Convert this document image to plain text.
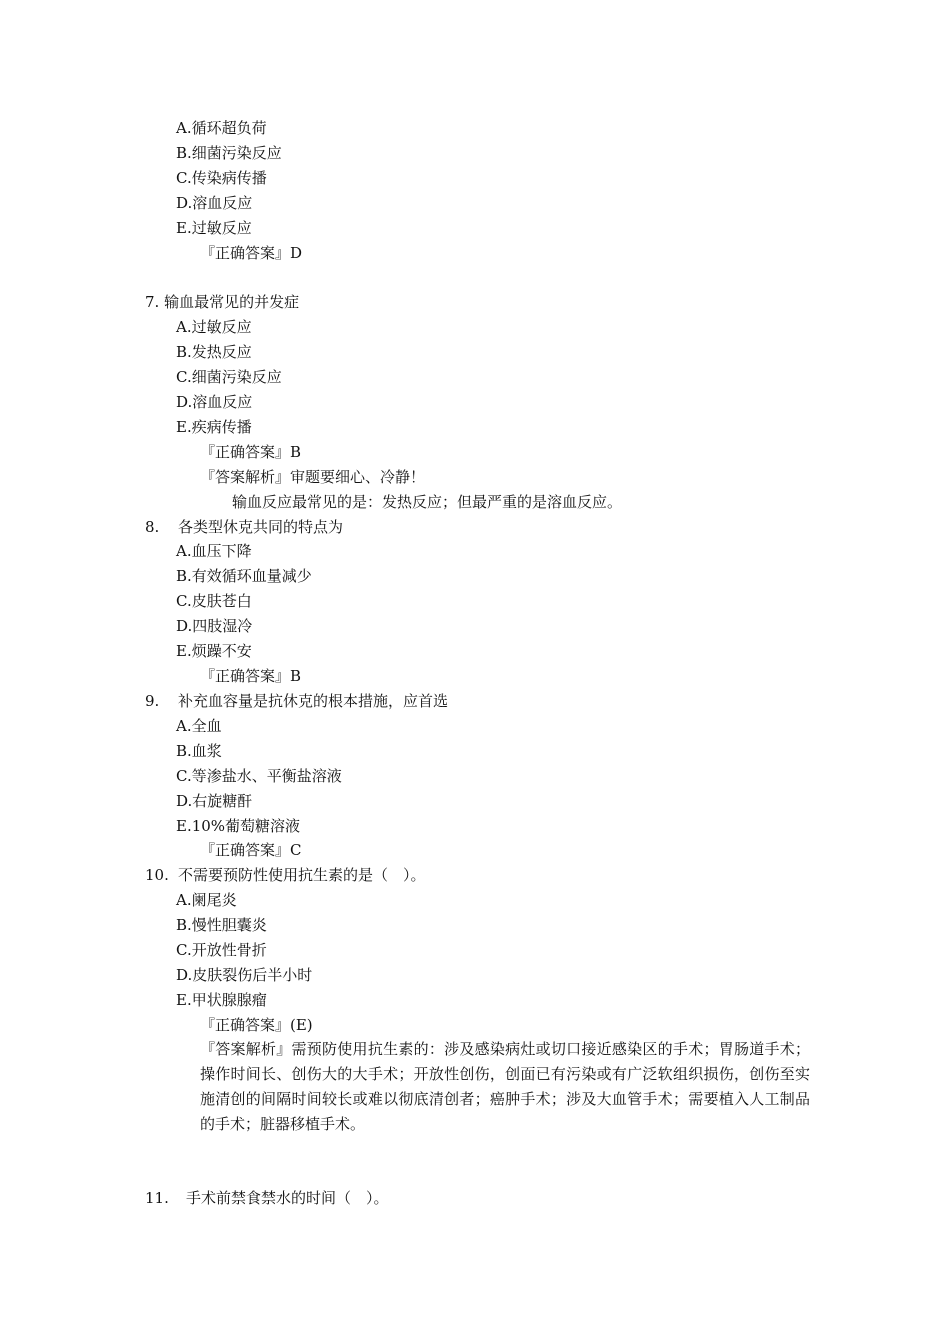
A.循环超负荷
B.细菌污染反应
C.传染病传播
D.溶血反应
E.过敏反应
『正确答案』D
7. 输血最常见的并发症
A.过敏反应
B.发热反应
C.细菌污染反应
D.溶血反应
E.疾病传播
『正确答案』B
『答案解析』审题要细心、冷静！
输血反应最常见的是：发热反应；但最严重的是溶血反应。
8. 各类型休克共同的特点为
A.血压下降
B.有效循环血量减少
C.皮肤苍白
D.四肢湿冷
E.烦躁不安
『正确答案』B
9. 补充血容量是抗休克的根本措施，应首选
A.全血
B.血浆
C.等渗盐水、平衡盐溶液
D.右旋糖酐
E.10%葡萄糖溶液
『正确答案』C
10. 不需要预防性使用抗生素的是（　）。
A.阑尾炎
B.慢性胆囊炎
C.开放性骨折
D.皮肤裂伤后半小时
E.甲状腺腺瘤
『正确答案』(E)
『答案解析』需预防使用抗生素的：涉及感染病灶或切口接近感染区的手术；胃肠道手术；操作时间长、创伤大的大手术；开放性创伤，创面已有污染或有广泛软组织损伤，创伤至实施清创的间隔时间较长或难以彻底清创者；癌肿手术；涉及大血管手术；需要植入人工制品的手术；脏器移植手术。
11. 手术前禁食禁水的时间（　）。
